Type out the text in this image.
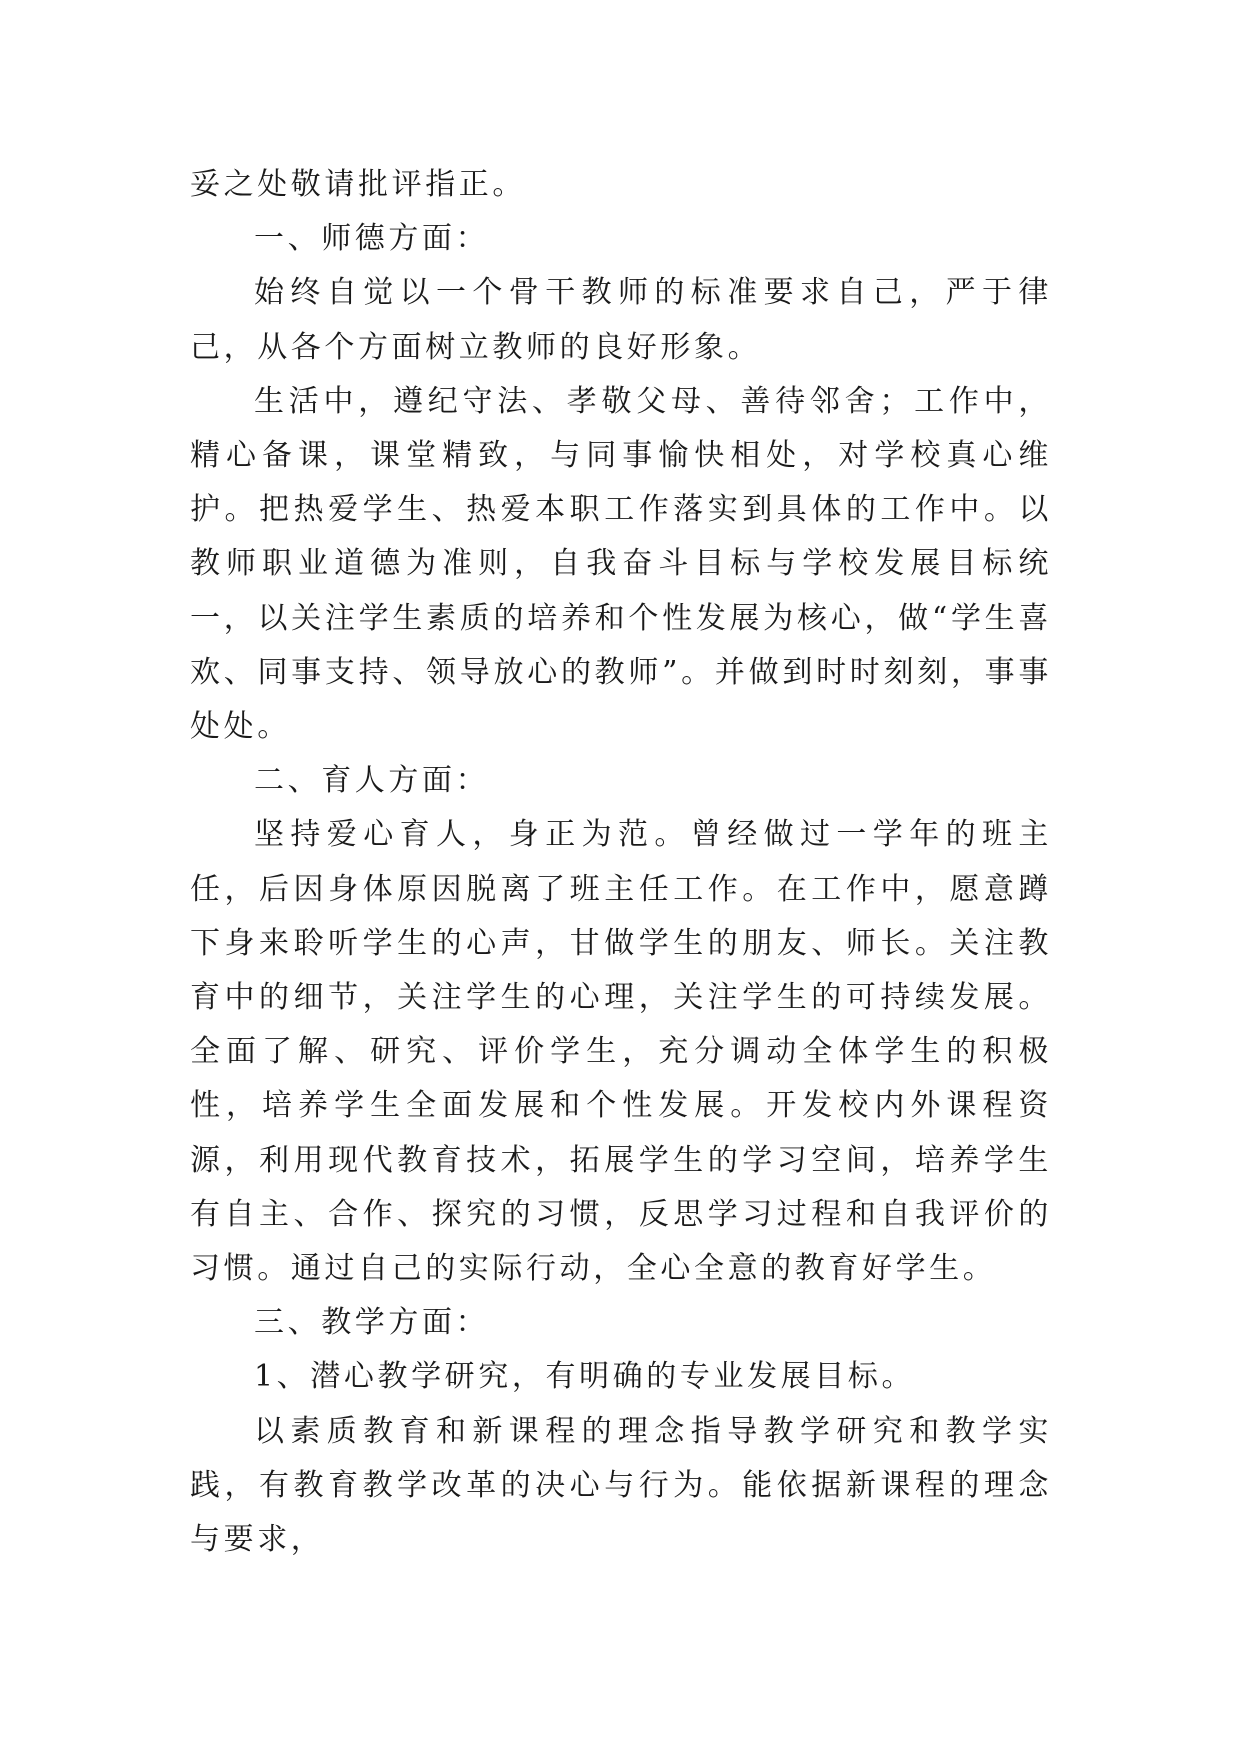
妥之处敬请批评指正。

一、师德方面：

始终自觉以一个骨干教师的标准要求自己，严于律己，从各个方面树立教师的良好形象。

生活中，遵纪守法、孝敬父母、善待邻舍；工作中，精心备课，课堂精致，与同事愉快相处，对学校真心维护。把热爱学生、热爱本职工作落实到具体的工作中。以教师职业道德为准则，自我奋斗目标与学校发展目标统一，以关注学生素质的培养和个性发展为核心，做“学生喜欢、同事支持、领导放心的教师”。并做到时时刻刻，事事处处。

二、育人方面：

坚持爱心育人，身正为范。曾经做过一学年的班主任，后因身体原因脱离了班主任工作。在工作中，愿意蹲下身来聆听学生的心声，甘做学生的朋友、师长。关注教育中的细节，关注学生的心理，关注学生的可持续发展。全面了解、研究、评价学生，充分调动全体学生的积极性，培养学生全面发展和个性发展。开发校内外课程资源，利用现代教育技术，拓展学生的学习空间，培养学生有自主、合作、探究的习惯，反思学习过程和自我评价的习惯。通过自己的实际行动，全心全意的教育好学生。

三、教学方面：

1、潜心教学研究，有明确的专业发展目标。

以素质教育和新课程的理念指导教学研究和教学实践，有教育教学改革的决心与行为。能依据新课程的理念与要求，
